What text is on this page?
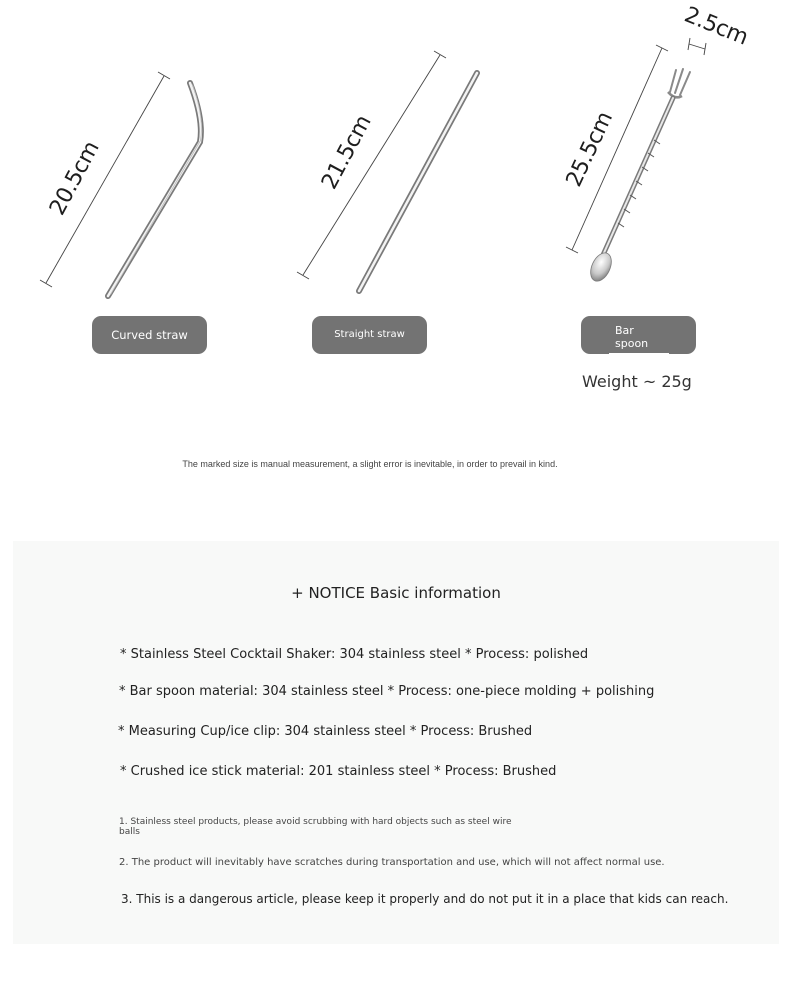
20.5cm	21.5cm	25.5cm
2.5cm
Curved straw	Straight straw	Bar
spoon
Weight ~ 25g
The marked size is manual measurement, a slight error is inevitable, in order to prevail in kind.
+ NOTICE Basic information
* Stainless Steel Cocktail Shaker: 304 stainless steel * Process: polished
* Bar spoon material: 304 stainless steel * Process: one-piece molding + polishing
* Measuring Cup/ice clip: 304 stainless steel * Process: Brushed
* Crushed ice stick material: 201 stainless steel * Process: Brushed
1. Stainless steel products, please avoid scrubbing with hard objects such as steel wire
balls
2. The product will inevitably have scratches during transportation and use, which will not affect normal use.
3. This is a dangerous article, please keep it properly and do not put it in a place that kids can reach.
